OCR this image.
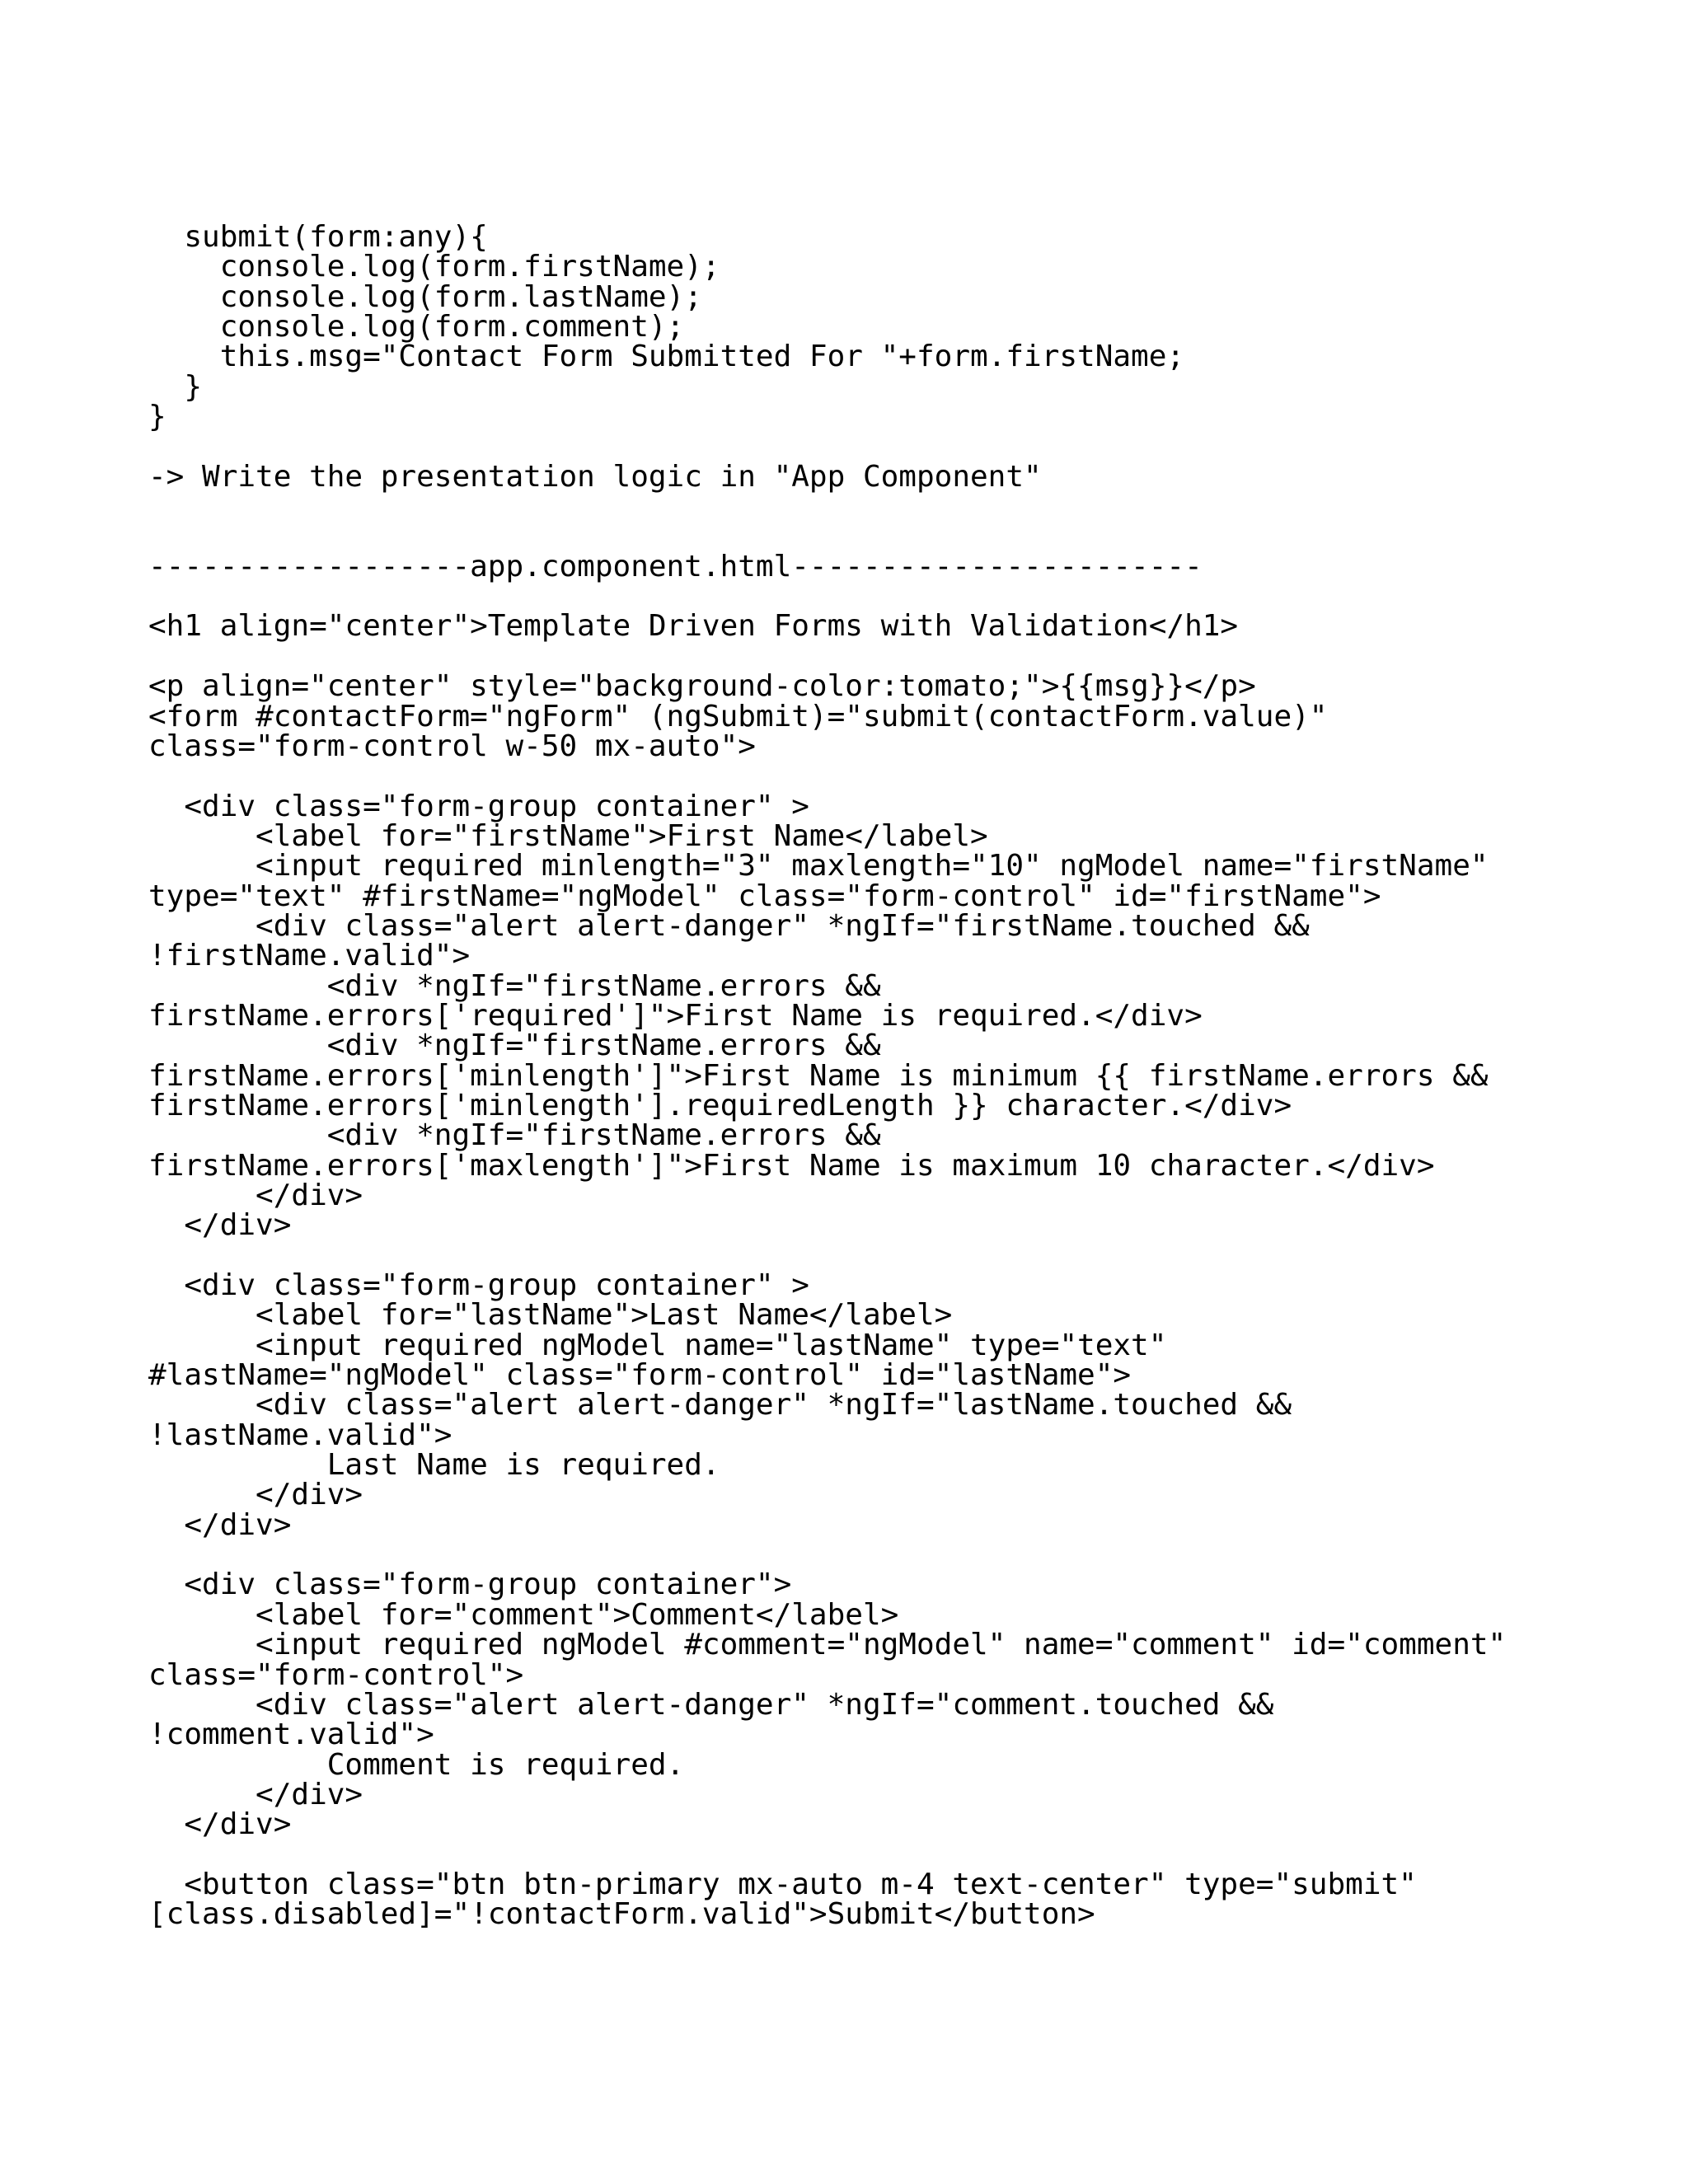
submit(form:any){
console.log(form.firstName);
console.log(form.lastName);
console.log(form.comment);
this.msg="Contact Form Submitted For "+form.firstName;
}
}

-> Write the presentation logic in "App Component"

------------------app.component.html-----------------------

<h1 align="center">Template Driven Forms with Validation</h1>

<p align="center" style="background-color:tomato;">{{msg}}</p>
<form #contactForm="ngForm" (ngSubmit)="submit(contactForm.value)"
class="form-control w-50 mx-auto">

<div class="form-group container" >
<label for="firstName">First Name</label>
<input required minlength="3" maxlength="10" ngModel name="firstName"
type="text" #firstName="ngModel" class="form-control" id="firstName">
<div class="alert alert-danger" *ngIf="firstName.touched &&
!firstName.valid">
<div *ngIf="firstName.errors &&
firstName.errors['required']">First Name is required.</div>
<div *ngIf="firstName.errors &&
firstName.errors['minlength']">First Name is minimum {{ firstName.errors &&
firstName.errors['minlength'].requiredLength }} character.</div>
<div *ngIf="firstName.errors &&
firstName.errors['maxlength']">First Name is maximum 10 character.</div>
</div>
</div>

<div class="form-group container" >
<label for="lastName">Last Name</label>
<input required ngModel name="lastName" type="text"
#lastName="ngModel" class="form-control" id="lastName">
<div class="alert alert-danger" *ngIf="lastName.touched &&
!lastName.valid">
Last Name is required.
</div>
</div>

<div class="form-group container">
<label for="comment">Comment</label>
<input required ngModel #comment="ngModel" name="comment" id="comment"
class="form-control">
<div class="alert alert-danger" *ngIf="comment.touched &&
!comment.valid">
Comment is required.
</div>
</div>

<button class="btn btn-primary mx-auto m-4 text-center" type="submit"
[class.disabled]="!contactForm.valid">Submit</button>
